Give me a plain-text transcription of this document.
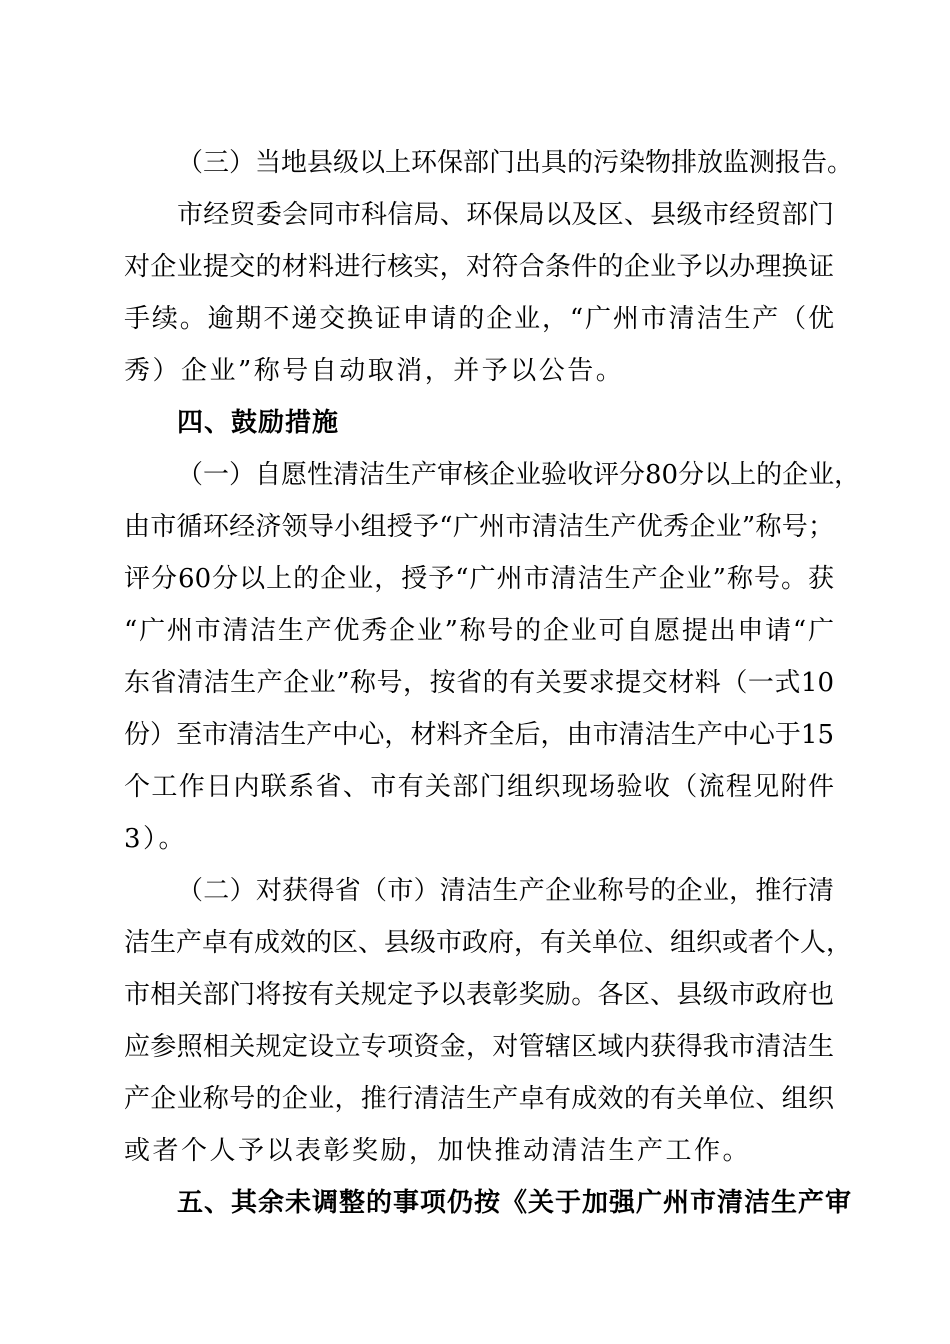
（三）当地县级以上环保部门出具的污染物排放监测报告。
市经贸委会同市科信局、环保局以及区、县级市经贸部门
对企业提交的材料进行核实，对符合条件的企业予以办理换证
手续。逾期不递交换证申请的企业，“广州市清洁生产（优
秀）企业”称号自动取消，并予以公告。
四、鼓励措施
（一）自愿性清洁生产审核企业验收评分80分以上的企业，
由市循环经济领导小组授予“广州市清洁生产优秀企业”称号；
评分60分以上的企业，授予“广州市清洁生产企业”称号。获
“广州市清洁生产优秀企业”称号的企业可自愿提出申请“广
东省清洁生产企业”称号，按省的有关要求提交材料（一式10
份）至市清洁生产中心，材料齐全后，由市清洁生产中心于15
个工作日内联系省、市有关部门组织现场验收（流程见附件
3）。
（二）对获得省（市）清洁生产企业称号的企业，推行清
洁生产卓有成效的区、县级市政府，有关单位、组织或者个人，
市相关部门将按有关规定予以表彰奖励。各区、县级市政府也
应参照相关规定设立专项资金，对管辖区域内获得我市清洁生
产企业称号的企业，推行清洁生产卓有成效的有关单位、组织
或者个人予以表彰奖励，加快推动清洁生产工作。
五、其余未调整的事项仍按《关于加强广州市清洁生产审
